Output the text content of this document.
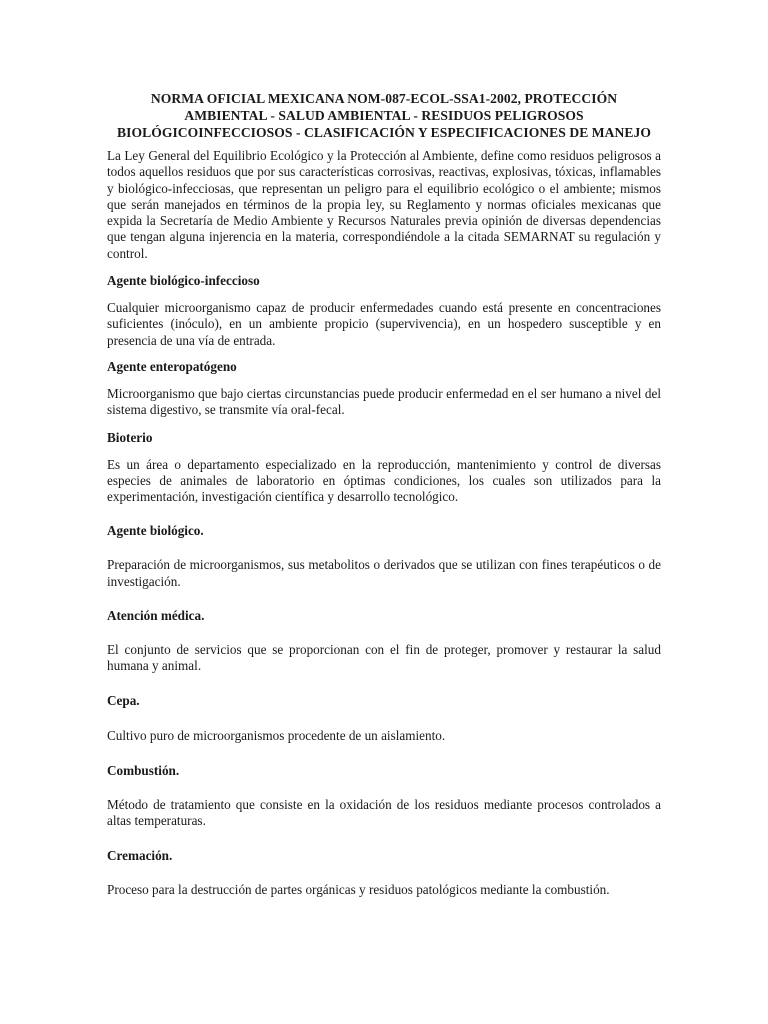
NORMA OFICIAL MEXICANA NOM-087-ECOL-SSA1-2002, PROTECCIÓN
AMBIENTAL - SALUD AMBIENTAL - RESIDUOS PELIGROSOS
BIOLÓGICOINFECCIOSOS - CLASIFICACIÓN Y ESPECIFICACIONES DE MANEJO

La Ley General del Equilibrio Ecológico y la Protección al Ambiente, define como residuos peligrosos a todos aquellos residuos que por sus características corrosivas, reactivas, explosivas, tóxicas, inflamables y biológico-infecciosas, que representan un peligro para el equilibrio ecológico o el ambiente; mismos que serán manejados en términos de la propia ley, su Reglamento y normas oficiales mexicanas que expida la Secretaría de Medio Ambiente y Recursos Naturales previa opinión de diversas dependencias que tengan alguna injerencia en la materia, correspondiéndole a la citada SEMARNAT su regulación y control.

Agente biológico-infeccioso

Cualquier microorganismo capaz de producir enfermedades cuando está presente en concentraciones suficientes (inóculo), en un ambiente propicio (supervivencia), en un hospedero susceptible y en presencia de una vía de entrada.

Agente enteropatógeno

Microorganismo que bajo ciertas circunstancias puede producir enfermedad en el ser humano a nivel del sistema digestivo, se transmite vía oral-fecal.

Bioterio

Es un área o departamento especializado en la reproducción, mantenimiento y control de diversas especies de animales de laboratorio en óptimas condiciones, los cuales son utilizados para la experimentación, investigación científica y desarrollo tecnológico.

Agente biológico.

Preparación de microorganismos, sus metabolitos o derivados que se utilizan con fines terapéuticos o de investigación.

Atención médica.

El conjunto de servicios que se proporcionan con el fin de proteger, promover y restaurar la salud humana y animal.

Cepa.

Cultivo puro de microorganismos procedente de un aislamiento.

Combustión.

Método de tratamiento que consiste en la oxidación de los residuos mediante procesos controlados a altas temperaturas.

Cremación.

Proceso para la destrucción de partes orgánicas y residuos patológicos mediante la combustión.
